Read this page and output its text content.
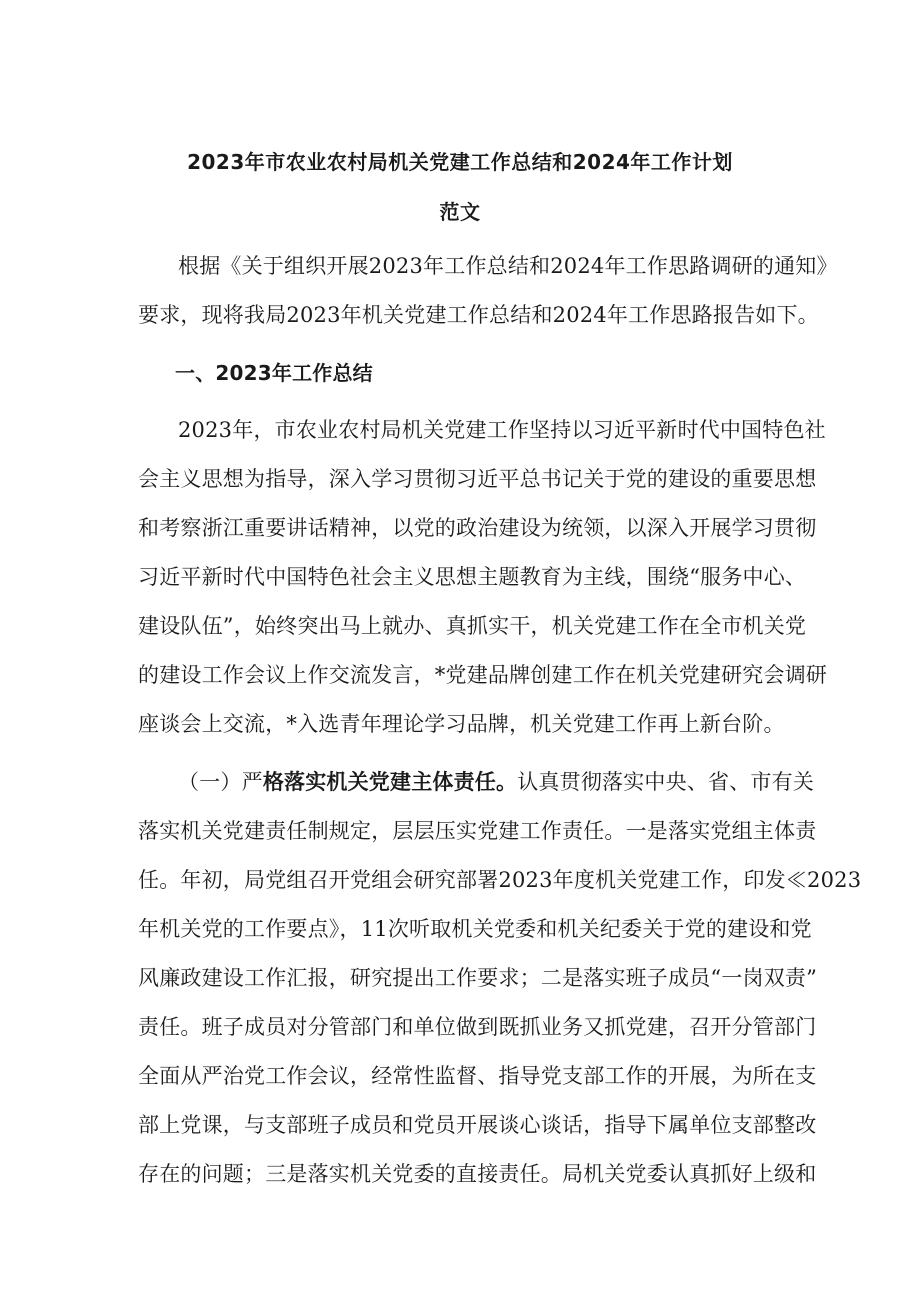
2023年市农业农村局机关党建工作总结和2024年工作计划
范文
根据《关于组织开展2023年工作总结和2024年工作思路调研的通知》
要求，现将我局2023年机关党建工作总结和2024年工作思路报告如下。
一、2023年工作总结
2023年，市农业农村局机关党建工作坚持以习近平新时代中国特色社
会主义思想为指导，深入学习贯彻习近平总书记关于党的建设的重要思想
和考察浙江重要讲话精神，以党的政治建设为统领，以深入开展学习贯彻
习近平新时代中国特色社会主义思想主题教育为主线，围绕“服务中心、
建设队伍”，始终突出马上就办、真抓实干，机关党建工作在全市机关党
的建设工作会议上作交流发言，*党建品牌创建工作在机关党建研究会调研
座谈会上交流，*入选青年理论学习品牌，机关党建工作再上新台阶。
（一）严格落实机关党建主体责任。认真贯彻落实中央、省、市有关
落实机关党建责任制规定，层层压实党建工作责任。一是落实党组主体责
任。年初，局党组召开党组会研究部署2023年度机关党建工作，印发≪2023
年机关党的工作要点》，11次听取机关党委和机关纪委关于党的建设和党
风廉政建设工作汇报，研究提出工作要求；二是落实班子成员“一岗双责”
责任。班子成员对分管部门和单位做到既抓业务又抓党建，召开分管部门
全面从严治党工作会议，经常性监督、指导党支部工作的开展，为所在支
部上党课，与支部班子成员和党员开展谈心谈话，指导下属单位支部整改
存在的问题；三是落实机关党委的直接责任。局机关党委认真抓好上级和
